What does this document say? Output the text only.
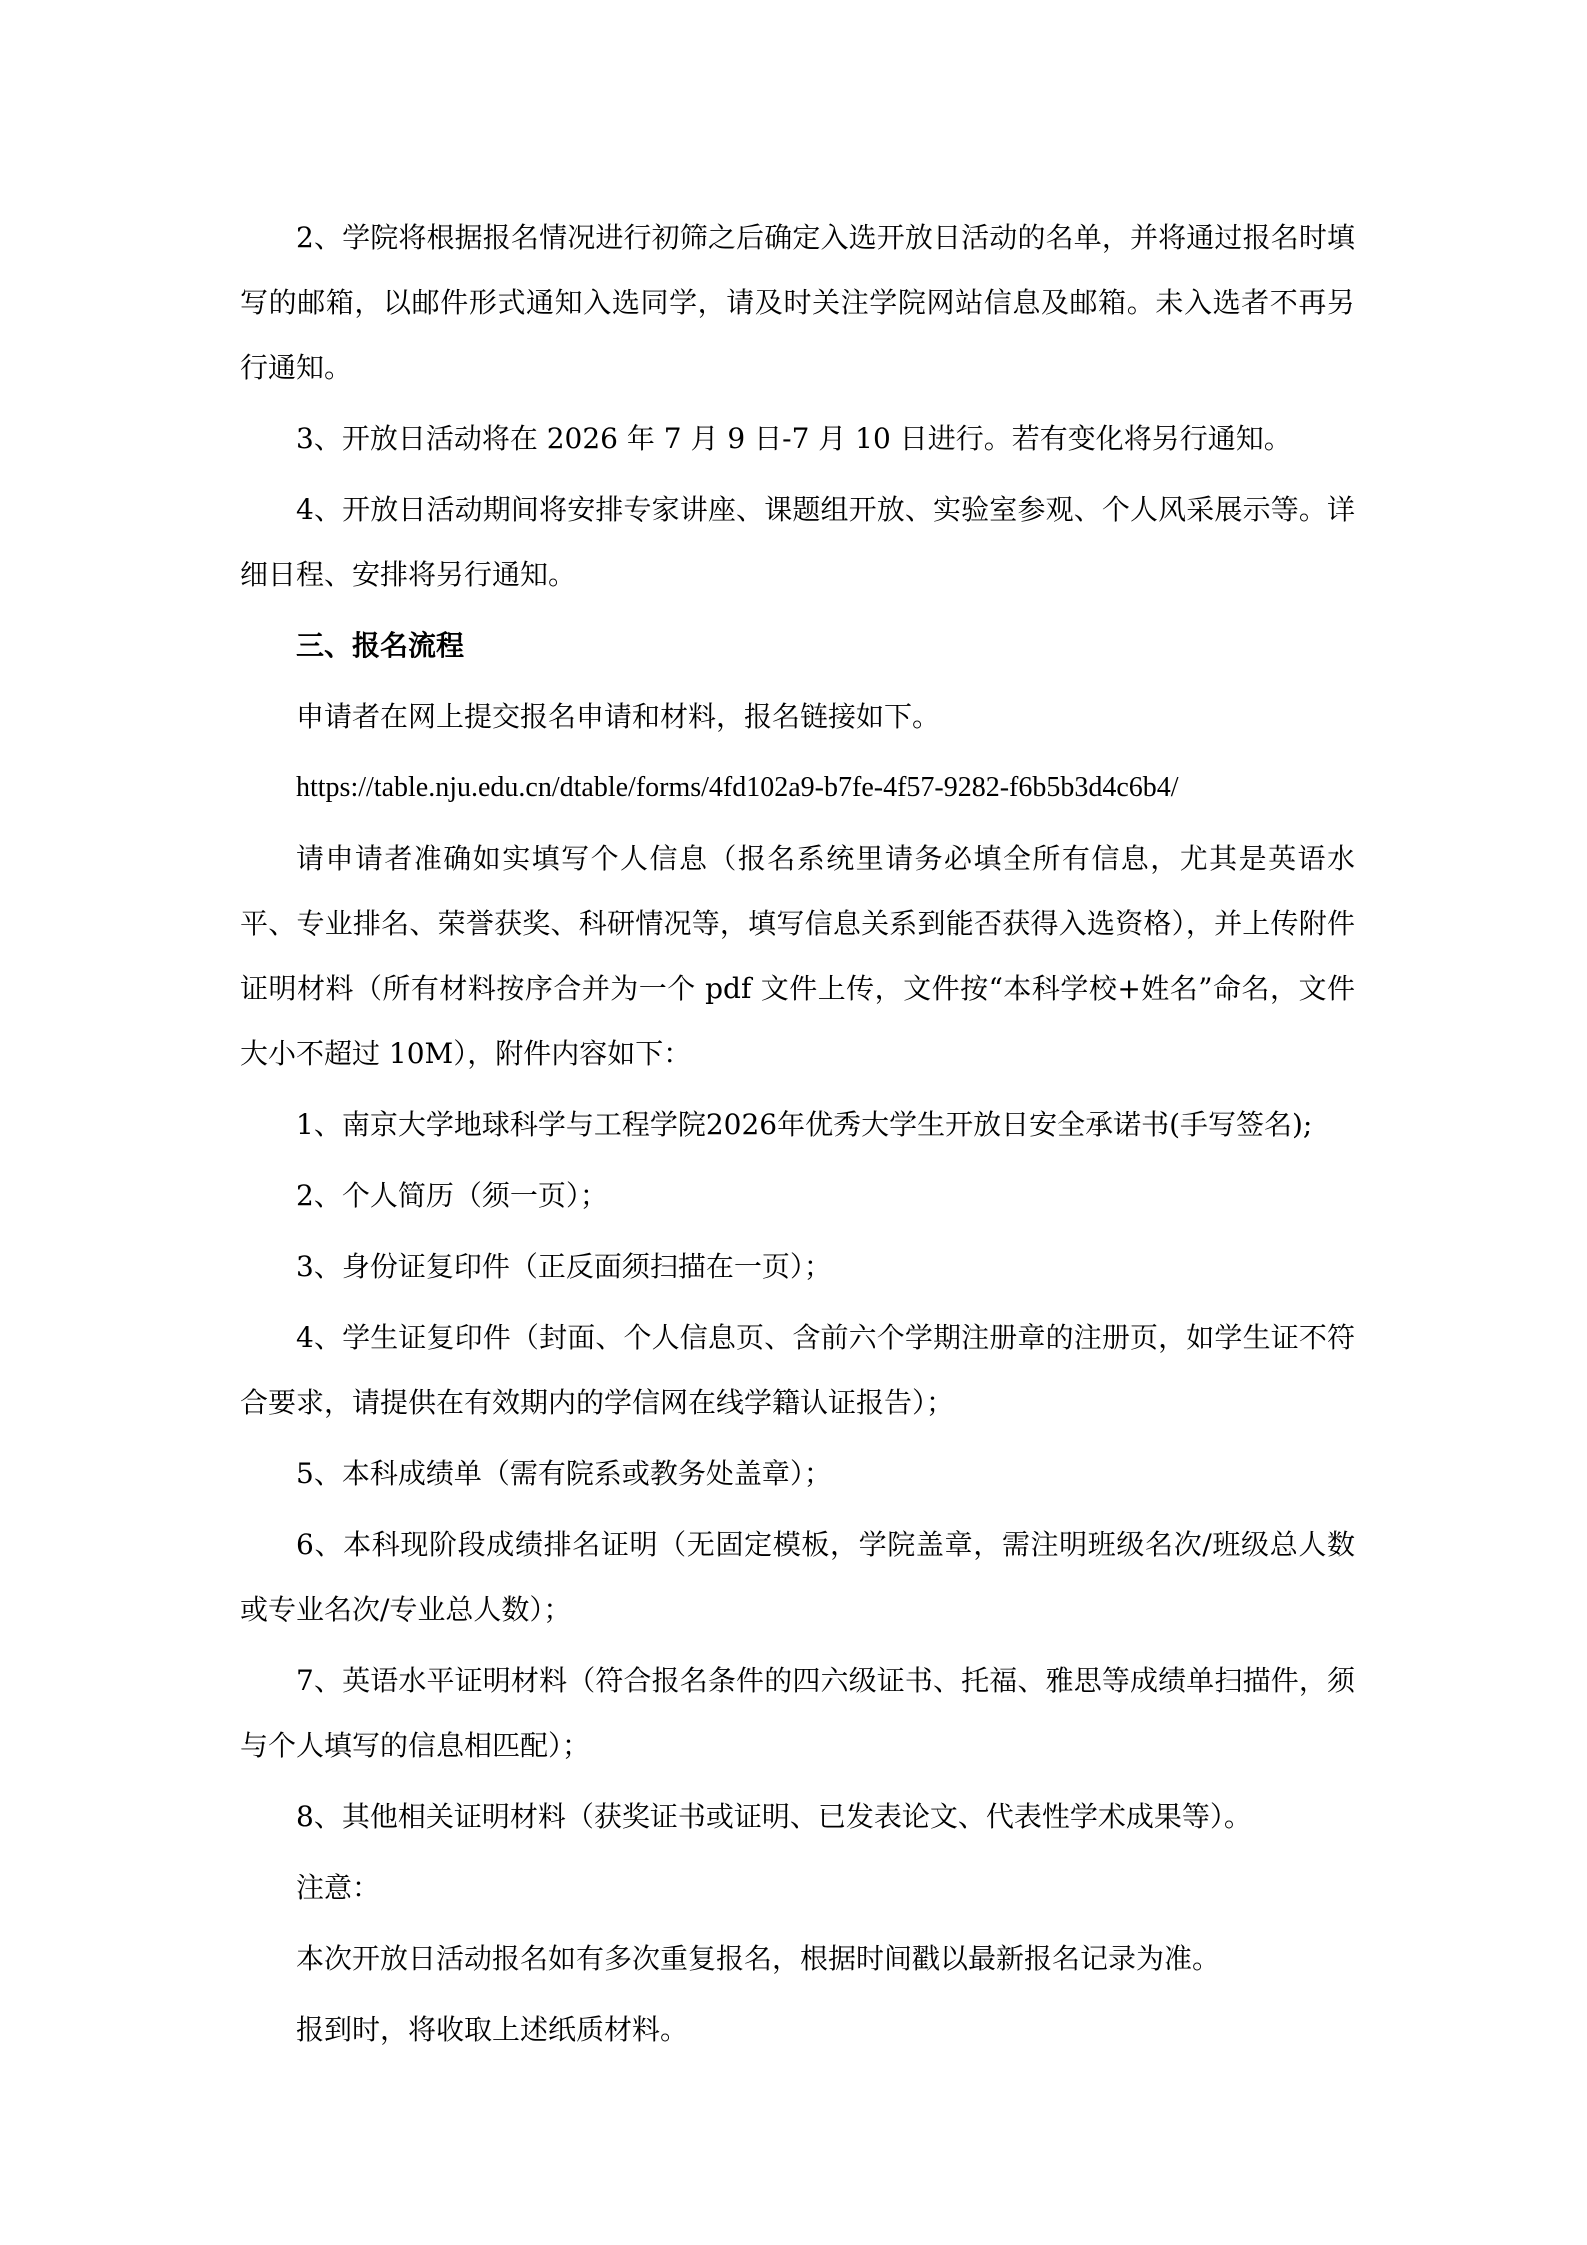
2、学院将根据报名情况进行初筛之后确定入选开放日活动的名单，并将通过报名时填写的邮箱，以邮件形式通知入选同学，请及时关注学院网站信息及邮箱。未入选者不再另行通知。

3、开放日活动将在 2026 年 7 月 9 日-7 月 10 日进行。若有变化将另行通知。

4、开放日活动期间将安排专家讲座、课题组开放、实验室参观、个人风采展示等。详细日程、安排将另行通知。

三、报名流程

申请者在网上提交报名申请和材料，报名链接如下。

https://table.nju.edu.cn/dtable/forms/4fd102a9-b7fe-4f57-9282-f6b5b3d4c6b4/

请申请者准确如实填写个人信息（报名系统里请务必填全所有信息，尤其是英语水平、专业排名、荣誉获奖、科研情况等，填写信息关系到能否获得入选资格），并上传附件证明材料（所有材料按序合并为一个 pdf 文件上传，文件按“本科学校+姓名”命名，文件大小不超过 10M），附件内容如下：

1、南京大学地球科学与工程学院2026年优秀大学生开放日安全承诺书(手写签名);

2、个人简历（须一页）；

3、身份证复印件（正反面须扫描在一页）；

4、学生证复印件（封面、个人信息页、含前六个学期注册章的注册页，如学生证不符合要求，请提供在有效期内的学信网在线学籍认证报告）；

5、本科成绩单（需有院系或教务处盖章）；

6、本科现阶段成绩排名证明（无固定模板，学院盖章，需注明班级名次/班级总人数或专业名次/专业总人数）；

7、英语水平证明材料（符合报名条件的四六级证书、托福、雅思等成绩单扫描件，须与个人填写的信息相匹配）；

8、其他相关证明材料（获奖证书或证明、已发表论文、代表性学术成果等）。

注意：

本次开放日活动报名如有多次重复报名，根据时间戳以最新报名记录为准。

报到时，将收取上述纸质材料。
